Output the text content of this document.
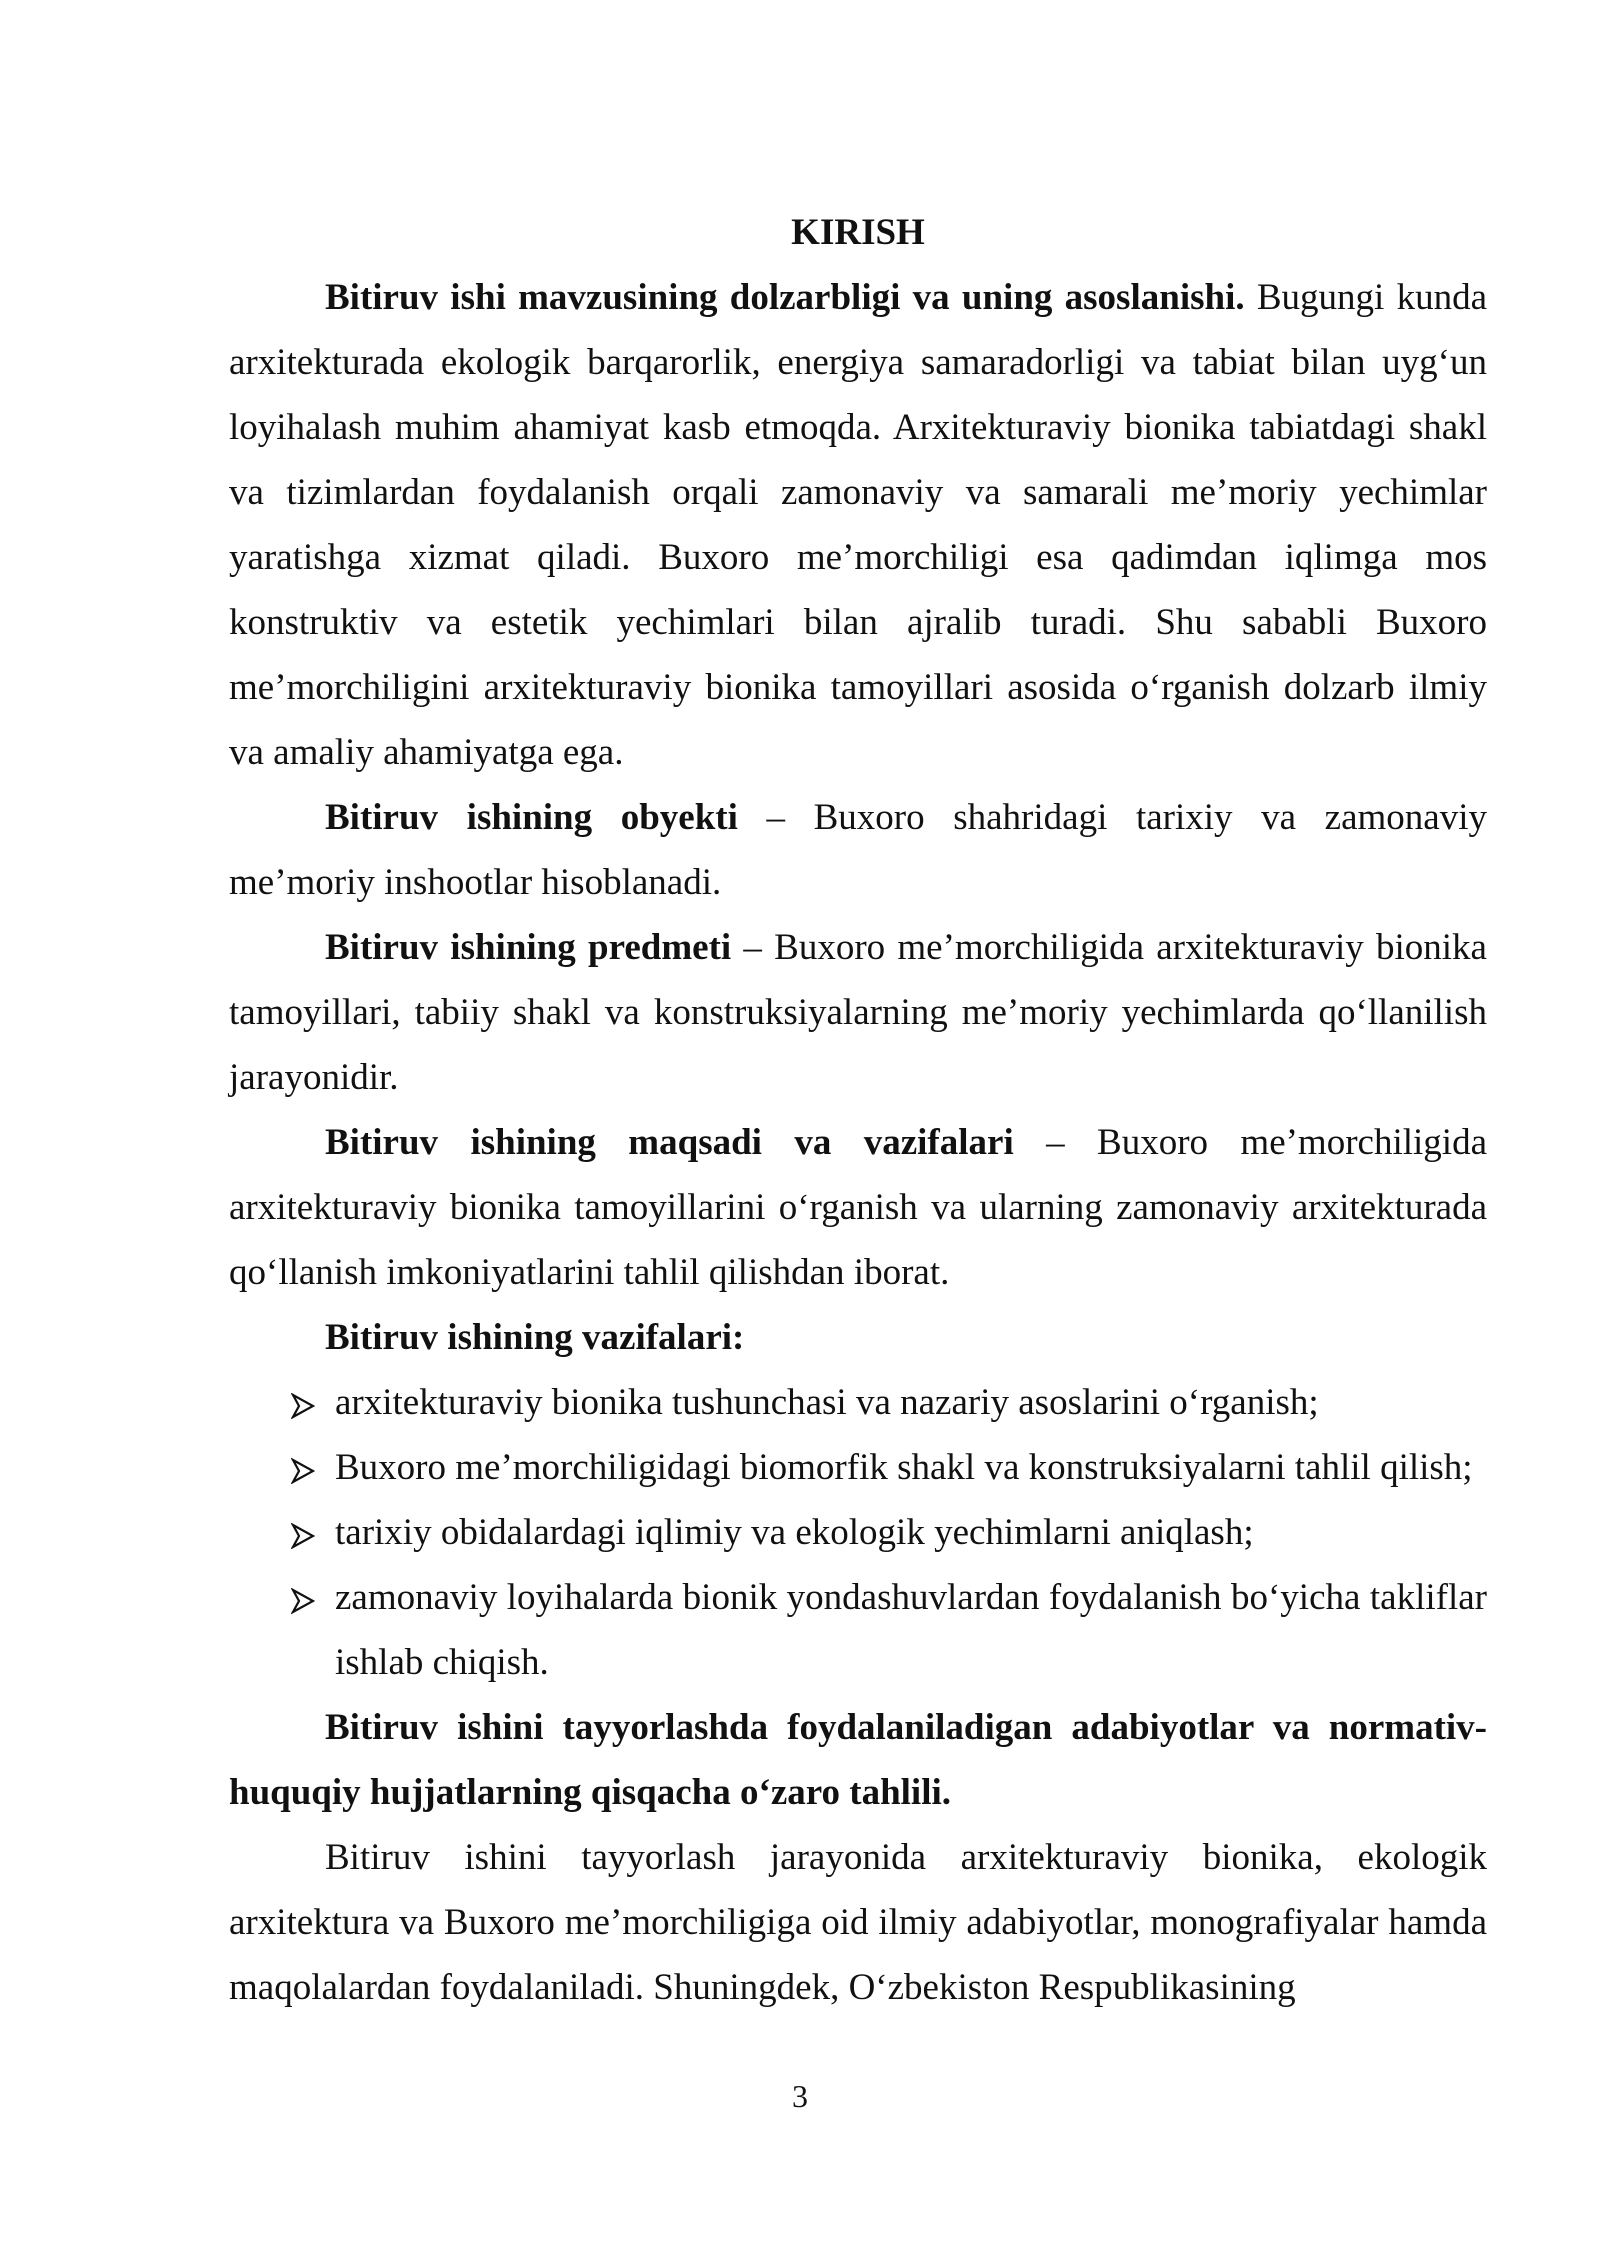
KIRISH

Bitiruv ishi mavzusining dolzarbligi va uning asoslanishi. Bugungi kunda arxitekturada ekologik barqarorlik, energiya samaradorligi va tabiat bilan uyg‘un loyihalash muhim ahamiyat kasb etmoqda. Arxitekturaviy bionika tabiatdagi shakl va tizimlardan foydalanish orqali zamonaviy va samarali me’moriy yechimlar yaratishga xizmat qiladi. Buxoro me’morchiligi esa qadimdan iqlimga mos konstruktiv va estetik yechimlari bilan ajralib turadi. Shu sababli Buxoro me’morchiligini arxitekturaviy bionika tamoyillari asosida o‘rganish dolzarb ilmiy va amaliy ahamiyatga ega.

Bitiruv ishining obyekti – Buxoro shahridagi tarixiy va zamonaviy me’moriy inshootlar hisoblanadi.

Bitiruv ishining predmeti – Buxoro me’morchiligida arxitekturaviy bionika tamoyillari, tabiiy shakl va konstruksiyalarning me’moriy yechimlarda qo‘llanilish jarayonidir.

Bitiruv ishining maqsadi va vazifalari – Buxoro me’morchiligida arxitekturaviy bionika tamoyillarini o‘rganish va ularning zamonaviy arxitekturada qo‘llanish imkoniyatlarini tahlil qilishdan iborat.

Bitiruv ishining vazifalari:

arxitekturaviy bionika tushunchasi va nazariy asoslarini o‘rganish;
Buxoro me’morchiligidagi biomorfik shakl va konstruksiyalarni tahlil qilish;
tarixiy obidalardagi iqlimiy va ekologik yechimlarni aniqlash;
zamonaviy loyihalarda bionik yondashuvlardan foydalanish bo‘yicha takliflar ishlab chiqish.

Bitiruv ishini tayyorlashda foydalaniladigan adabiyotlar va normativ-huquqiy hujjatlarning qisqacha o‘zaro tahlili.

Bitiruv ishini tayyorlash jarayonida arxitekturaviy bionika, ekologik arxitektura va Buxoro me’morchiligiga oid ilmiy adabiyotlar, monografiyalar hamda maqolalardan foydalaniladi. Shuningdek, O‘zbekiston Respublikasining

3
